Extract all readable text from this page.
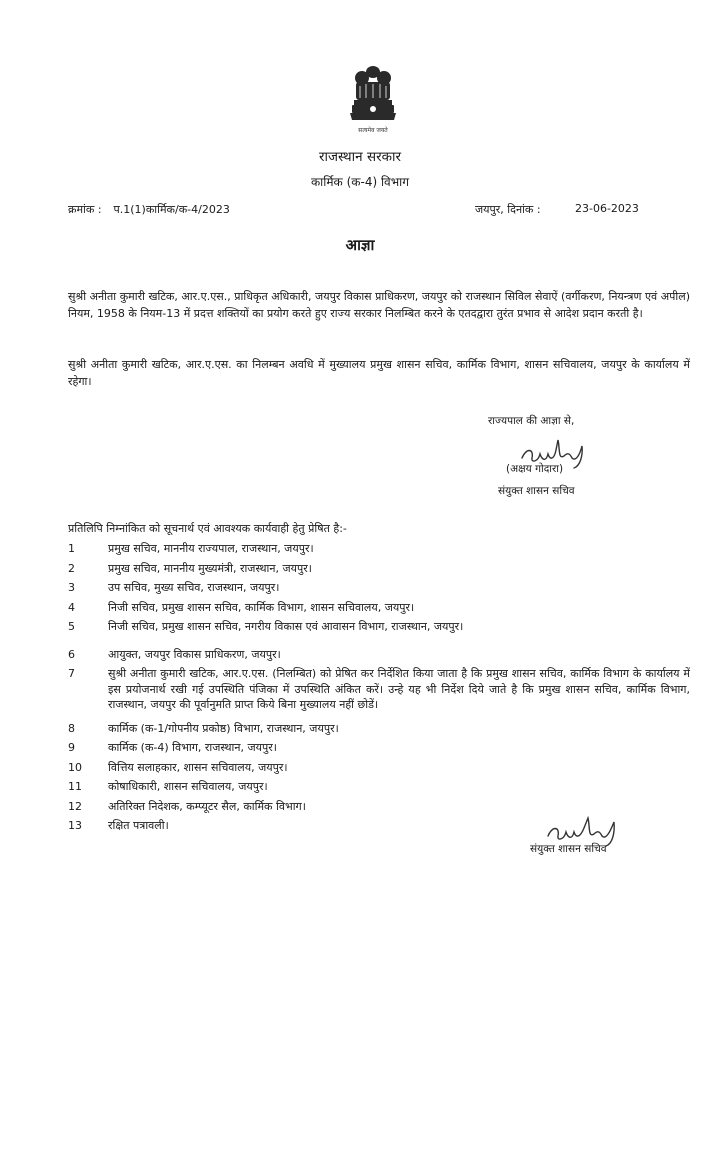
सत्यमेव जयते
राजस्थान सरकार
कार्मिक (क-4) विभाग
क्रमांक : प.1(1)कार्मिक/क-4/2023	जयपुर, दिनांक :	23-06-2023
आज्ञा
सुश्री अनीता कुमारी खटिक, आर.ए.एस., प्राधिकृत अधिकारी, जयपुर विकास प्राधिकरण, जयपुर को राजस्थान सिविल सेवाऐं (वर्गीकरण, नियन्त्रण एवं अपील) नियम, 1958 के नियम-13 में प्रदत्त शक्तियों का प्रयोग करते हुए राज्य सरकार निलम्बित करने के एतदद्वारा तुरंत प्रभाव से आदेश प्रदान करती है।
सुश्री अनीता कुमारी खटिक, आर.ए.एस. का निलम्बन अवधि में मुख्यालय प्रमुख शासन सचिव, कार्मिक विभाग, शासन सचिवालय, जयपुर के कार्यालय में रहेगा।
राज्यपाल की आज्ञा से,
(अक्षय गोदारा)
संयुक्त शासन सचिव
प्रतिलिपि निम्नांकित को सूचनार्थ एवं आवश्यक कार्यवाही हेतु प्रेषित है:-
1	प्रमुख सचिव, माननीय राज्यपाल, राजस्थान, जयपुर।
2	प्रमुख सचिव, माननीय मुख्यमंत्री, राजस्थान, जयपुर।
3	उप सचिव, मुख्य सचिव, राजस्थान, जयपुर।
4	निजी सचिव, प्रमुख शासन सचिव, कार्मिक विभाग, शासन सचिवालय, जयपुर।
5	निजी सचिव, प्रमुख शासन सचिव, नगरीय विकास एवं आवासन विभाग, राजस्थान, जयपुर।
6	आयुक्त, जयपुर विकास प्राधिकरण, जयपुर।
7	सुश्री अनीता कुमारी खटिक, आर.ए.एस. (निलम्बित) को प्रेषित कर निर्देशित किया जाता है कि प्रमुख शासन सचिव, कार्मिक विभाग के कार्यालय में इस प्रयोजनार्थ रखी गई उपस्थिति पंजिका में उपस्थिति अंकित करें। उन्हे यह भी निर्देश दिये जाते है कि प्रमुख शासन सचिव, कार्मिक विभाग, राजस्थान, जयपुर की पूर्वानुमति प्राप्त किये बिना मुख्यालय नहीं छोडें।
8	कार्मिक (क-1/गोपनीय प्रकोष्ठ) विभाग, राजस्थान, जयपुर।
9	कार्मिक (क-4) विभाग, राजस्थान, जयपुर।
10	वित्तिय सलाहकार, शासन सचिवालय, जयपुर।
11	कोषाधिकारी, शासन सचिवालय, जयपुर।
12	अतिरिक्त निदेशक, कम्प्यूटर सैल, कार्मिक विभाग।
13	रक्षित पत्रावली।
संयुक्त शासन सचिव
